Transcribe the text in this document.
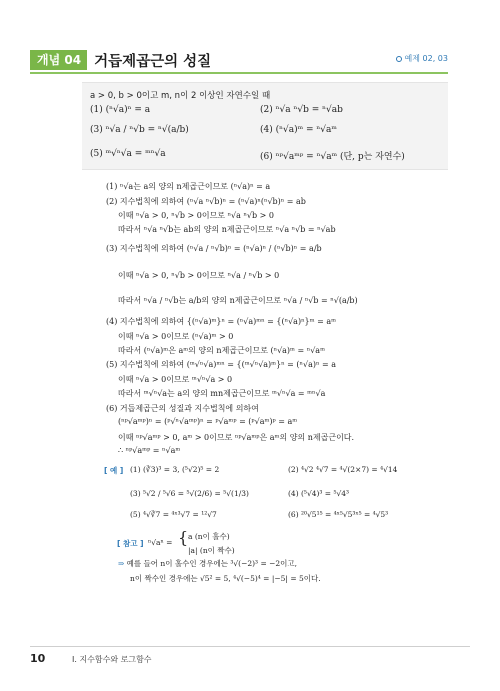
개념 04 거듭제곱근의 성질	예제 02, 03
a > 0, b > 0이고 m, n이 2 이상인 자연수일 때
(1) (ⁿ√a)ⁿ = a	(2) ⁿ√a ⁿ√b = ⁿ√ab
(3) ⁿ√a / ⁿ√b = ⁿ√(a/b)	(4) (ⁿ√a)ᵐ = ⁿ√aᵐ
(5) ᵐ√ⁿ√a = ᵐⁿ√a	(6) ⁿᵖ√aᵐᵖ = ⁿ√aᵐ (단, p는 자연수)
(1) ⁿ√a는 a의 양의 n제곱근이므로 (ⁿ√a)ⁿ = a
(2) 지수법칙에 의하여 (ⁿ√a ⁿ√b)ⁿ = (ⁿ√a)ⁿ(ⁿ√b)ⁿ = ab
이때 ⁿ√a > 0, ⁿ√b > 0이므로 ⁿ√a ⁿ√b > 0
따라서 ⁿ√a ⁿ√b는 ab의 양의 n제곱근이므로 ⁿ√a ⁿ√b = ⁿ√ab
(3) 지수법칙에 의하여 (ⁿ√a / ⁿ√b)ⁿ = (ⁿ√a)ⁿ / (ⁿ√b)ⁿ = a/b
이때 ⁿ√a > 0, ⁿ√b > 0이므로 ⁿ√a / ⁿ√b > 0
따라서 ⁿ√a / ⁿ√b는 a/b의 양의 n제곱근이므로 ⁿ√a / ⁿ√b = ⁿ√(a/b)
(4) 지수법칙에 의하여 {(ⁿ√a)ᵐ}ⁿ = (ⁿ√a)ᵐⁿ = {(ⁿ√a)ⁿ}ᵐ = aᵐ
이때 ⁿ√a > 0이므로 (ⁿ√a)ᵐ > 0
따라서 (ⁿ√a)ᵐ은 aᵐ의 양의 n제곱근이므로 (ⁿ√a)ᵐ = ⁿ√aᵐ
(5) 지수법칙에 의하여 (ᵐ√ⁿ√a)ᵐⁿ = {(ᵐ√ⁿ√a)ᵐ}ⁿ = (ⁿ√a)ⁿ = a
이때 ⁿ√a > 0이므로 ᵐ√ⁿ√a > 0
따라서 ᵐ√ⁿ√a는 a의 양의 mn제곱근이므로 ᵐ√ⁿ√a = ᵐⁿ√a
(6) 거듭제곱근의 성질과 지수법칙에 의하여
(ⁿᵖ√aᵐᵖ)ⁿ = (ᵖ√ⁿ√aᵐᵖ)ⁿ = ᵖ√aᵐᵖ = (ᵖ√aᵐ)ᵖ = aᵐ
이때 ⁿᵖ√aᵐᵖ > 0, aᵐ > 0이므로 ⁿᵖ√aᵐᵖ은 aᵐ의 양의 n제곱근이다.
∴ ⁿᵖ√aᵐᵖ = ⁿ√aᵐ
[ 예 ] (1) (∛3)³ = 3, (⁵√2)⁵ = 2	(2) ⁴√2 ⁴√7 = ⁴√(2×7) = ⁴√14
(3) ⁵√2 / ⁵√6 = ⁵√(2/6) = ⁵√(1/3)	(4) (⁵√4)³ = ⁵√4³
(5) ⁴√∛7 = ⁴ˣ³√7 = ¹²√7	(6) ²⁰√5¹⁵ = ⁴ˣ⁵√5³ˣ⁵ = ⁴√5³
[ 참고 ] ⁿ√aⁿ = { a (n이 홀수)
|a| (n이 짝수)
⇒ 예를 들어 n이 홀수인 경우에는 ³√(−2)³ = −2이고,
n이 짝수인 경우에는 √5² = 5, ⁴√(−5)⁴ = |−5| = 5이다.
10	I. 지수함수와 로그함수
